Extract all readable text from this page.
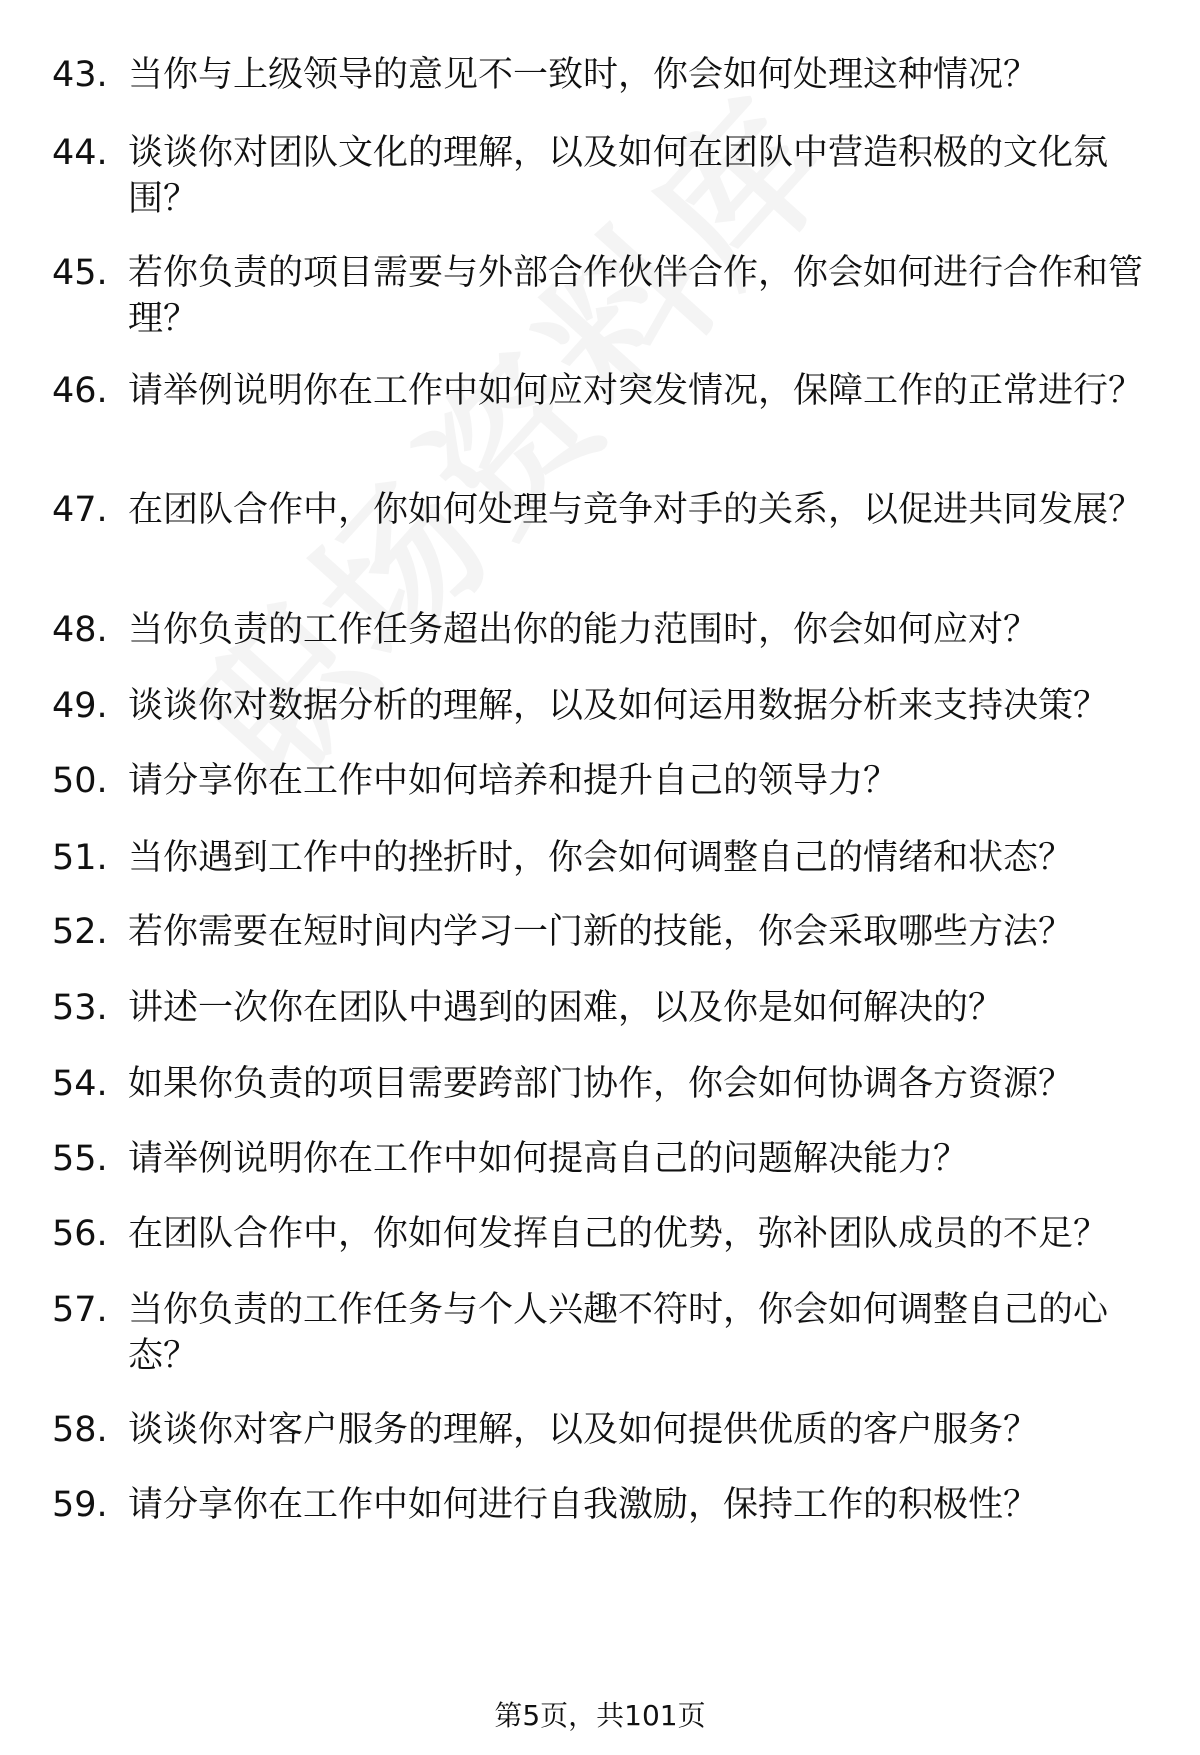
43. 当你与上级领导的意见不一致时，你会如何处理这种情况？
44. 谈谈你对团队文化的理解，以及如何在团队中营造积极的文化氛围？
45. 若你负责的项目需要与外部合作伙伴合作，你会如何进行合作和管理？
46. 请举例说明你在工作中如何应对突发情况，保障工作的正常进行？
47. 在团队合作中，你如何处理与竞争对手的关系，以促进共同发展？
48. 当你负责的工作任务超出你的能力范围时，你会如何应对？
49. 谈谈你对数据分析的理解，以及如何运用数据分析来支持决策？
50. 请分享你在工作中如何培养和提升自己的领导力？
51. 当你遇到工作中的挫折时，你会如何调整自己的情绪和状态？
52. 若你需要在短时间内学习一门新的技能，你会采取哪些方法？
53. 讲述一次你在团队中遇到的困难，以及你是如何解决的？
54. 如果你负责的项目需要跨部门协作，你会如何协调各方资源？
55. 请举例说明你在工作中如何提高自己的问题解决能力？
56. 在团队合作中，你如何发挥自己的优势，弥补团队成员的不足？
57. 当你负责的工作任务与个人兴趣不符时，你会如何调整自己的心态？
58. 谈谈你对客户服务的理解，以及如何提供优质的客户服务？
59. 请分享你在工作中如何进行自我激励，保持工作的积极性？
第5页，共101页
